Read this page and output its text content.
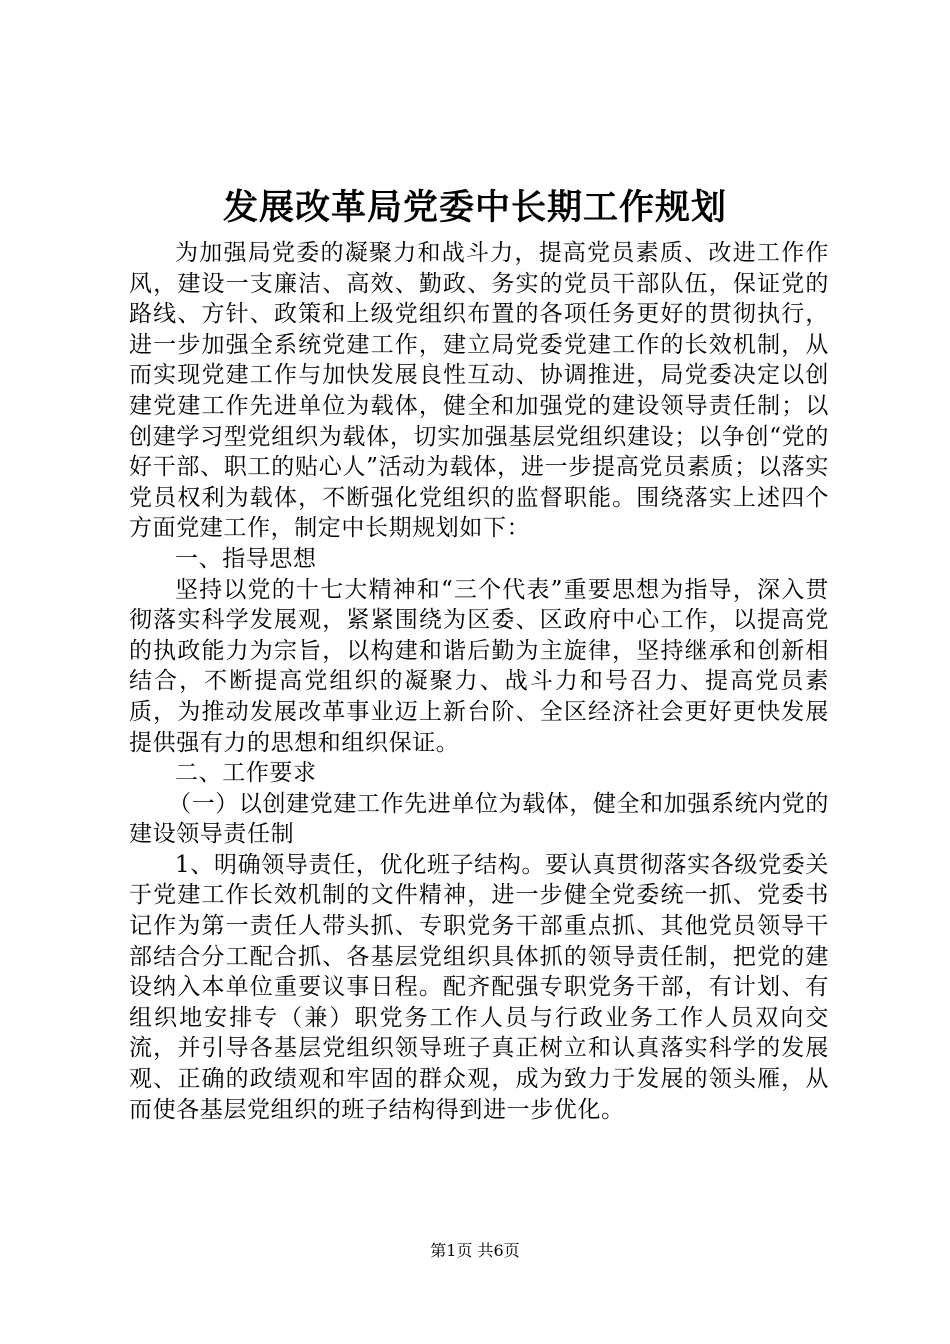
发展改革局党委中长期工作规划

为加强局党委的凝聚力和战斗力，提高党员素质、改进工作作风，建设一支廉洁、高效、勤政、务实的党员干部队伍，保证党的路线、方针、政策和上级党组织布置的各项任务更好的贯彻执行，进一步加强全系统党建工作，建立局党委党建工作的长效机制，从而实现党建工作与加快发展良性互动、协调推进，局党委决定以创建党建工作先进单位为载体，健全和加强党的建设领导责任制；以创建学习型党组织为载体，切实加强基层党组织建设；以争创“党的好干部、职工的贴心人”活动为载体，进一步提高党员素质；以落实党员权利为载体，不断强化党组织的监督职能。围绕落实上述四个方面党建工作，制定中长期规划如下：

一、指导思想

坚持以党的十七大精神和“三个代表”重要思想为指导，深入贯彻落实科学发展观，紧紧围绕为区委、区政府中心工作，以提高党的执政能力为宗旨，以构建和谐后勤为主旋律，坚持继承和创新相结合，不断提高党组织的凝聚力、战斗力和号召力、提高党员素质，为推动发展改革事业迈上新台阶、全区经济社会更好更快发展提供强有力的思想和组织保证。

二、工作要求

（一）以创建党建工作先进单位为载体，健全和加强系统内党的建设领导责任制

1、明确领导责任，优化班子结构。要认真贯彻落实各级党委关于党建工作长效机制的文件精神，进一步健全党委统一抓、党委书记作为第一责任人带头抓、专职党务干部重点抓、其他党员领导干部结合分工配合抓、各基层党组织具体抓的领导责任制，把党的建设纳入本单位重要议事日程。配齐配强专职党务干部，有计划、有组织地安排专（兼）职党务工作人员与行政业务工作人员双向交流，并引导各基层党组织领导班子真正树立和认真落实科学的发展观、正确的政绩观和牢固的群众观，成为致力于发展的领头雁，从而使各基层党组织的班子结构得到进一步优化。

第1页 共6页
